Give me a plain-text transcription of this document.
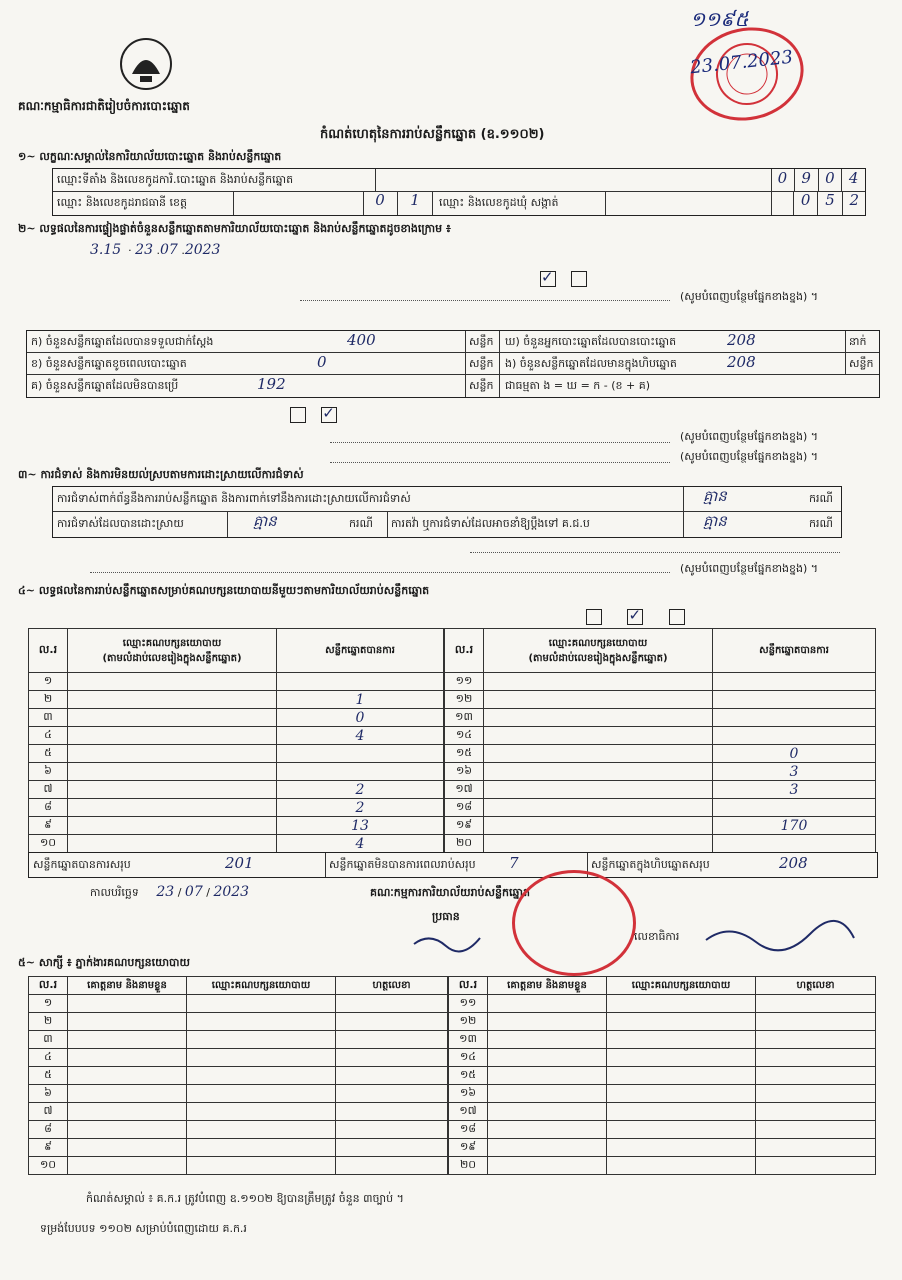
គណៈកម្មាធិការជាតិរៀបចំការបោះឆ្នោត
១១៩៥
23.07.2023
កំណត់ហេតុនៃការរាប់សន្លឹកឆ្នោត (ឧ.១១០២)
១~ លក្ខណៈសម្គាល់នៃការិយាល័យបោះឆ្នោត និងរាប់សន្លឹកឆ្នោត
ឈ្មោះទីតាំង និងលេខកូដការិ.បោះឆ្នោត និងរាប់សន្លឹកឆ្នោត	0 9 0 4
ឈ្មោះ និងលេខកូដរាជធានី ខេត្ត	0	1	ឈ្មោះ និងលេខកូដឃុំ សង្កាត់	0 5 2
២~ លទ្ធផលនៃការផ្ទៀងផ្ទាត់ចំនួនសន្លឹកឆ្នោតតាមការិយាល័យបោះឆ្នោត និងរាប់សន្លឹកឆ្នោតដូចខាងក្រោម ៖
3.15  · 23 .07 .2023
✓
(សូមបំពេញបន្ថែមផ្នែកខាងខ្នង) ។
ក) ចំនួនសន្លឹកឆ្នោតដែលបានទទួលជាក់ស្តែង	400	សន្លឹក
ខ) ចំនួនសន្លឹកឆ្នោតខូចពេលបោះឆ្នោត	0	សន្លឹក
គ) ចំនួនសន្លឹកឆ្នោតដែលមិនបានប្រើ	192	សន្លឹក
ឃ) ចំនួនអ្នកបោះឆ្នោតដែលបានបោះឆ្នោត	208	នាក់
ង) ចំនួនសន្លឹកឆ្នោតដែលមានក្នុងហិបឆ្នោត	208	សន្លឹក
ជាធម្មតា ង = ឃ = ក - (ខ + គ)
✓
(សូមបំពេញបន្ថែមផ្នែកខាងខ្នង) ។
(សូមបំពេញបន្ថែមផ្នែកខាងខ្នង) ។
៣~ ការជំទាស់ និងការមិនយល់ស្របតាមការដោះស្រាយលើការជំទាស់
ការជំទាស់ពាក់ព័ន្ធនឹងការរាប់សន្លឹកឆ្នោត និងការពាក់ទៅនឹងការដោះស្រាយលើការជំទាស់	គ្មាន	ករណី
ការជំទាស់ដែលបានដោះស្រាយ	គ្មាន	ករណី ការតវ៉ា ឬការជំទាស់ដែលអាចនាំឱ្យប្តឹងទៅ គ.ជ.ប	គ្មាន	ករណី
(សូមបំពេញបន្ថែមផ្នែកខាងខ្នង) ។
៤~ លទ្ធផលនៃការរាប់សន្លឹកឆ្នោតសម្រាប់គណបក្សនយោបាយនីមួយៗតាមការិយាល័យរាប់សន្លឹកឆ្នោត
✓
ល.រ	ឈ្មោះគណបក្សនយោបាយ
(តាមលំដាប់លេខរៀងក្នុងសន្លឹកឆ្នោត)	សន្លឹកឆ្នោតបានការ
១		
២		1
៣		0
៤		4
៥		
៦		
៧		2
៨		2
៩		13
១០		4
ល.រ	ឈ្មោះគណបក្សនយោបាយ
(តាមលំដាប់លេខរៀងក្នុងសន្លឹកឆ្នោត)	សន្លឹកឆ្នោតបានការ
១១		
១២		
១៣		
១៤		
១៥		0
១៦		3
១៧		3
១៨		
១៩		170
២០		
សន្លឹកឆ្នោតបានការសរុប	201	សន្លឹកឆ្នោតមិនបានការពេលរាប់សរុប 7	សន្លឹកឆ្នោតក្នុងហិបឆ្នោតសរុប	208
កាលបរិច្ឆេទ 23 / 07 / 2023	គណៈកម្មការការិយាល័យរាប់សន្លឹកឆ្នោត
ប្រធាន
លេខាធិការ
៥~ សាក្សី ៖ ភ្នាក់ងារគណបក្សនយោបាយ
ល.រ	គោត្តនាម និងនាមខ្លួន	ឈ្មោះគណបក្សនយោបាយ	ហត្ថលេខា
១			
២			
៣			
៤			
៥			
៦			
៧			
៨			
៩			
១០			
ល.រ	គោត្តនាម និងនាមខ្លួន	ឈ្មោះគណបក្សនយោបាយ	ហត្ថលេខា
១១			
១២			
១៣			
១៤			
១៥			
១៦			
១៧			
១៨			
១៩			
២០			
កំណត់សម្គាល់ ៖ គ.ក.រ ត្រូវបំពេញ ឧ.១១០២ ឱ្យបានត្រឹមត្រូវ ចំនួន ៣ច្បាប់ ។
ទម្រង់បែបបទ ១១០២ សម្រាប់បំពេញដោយ គ.ក.រ
